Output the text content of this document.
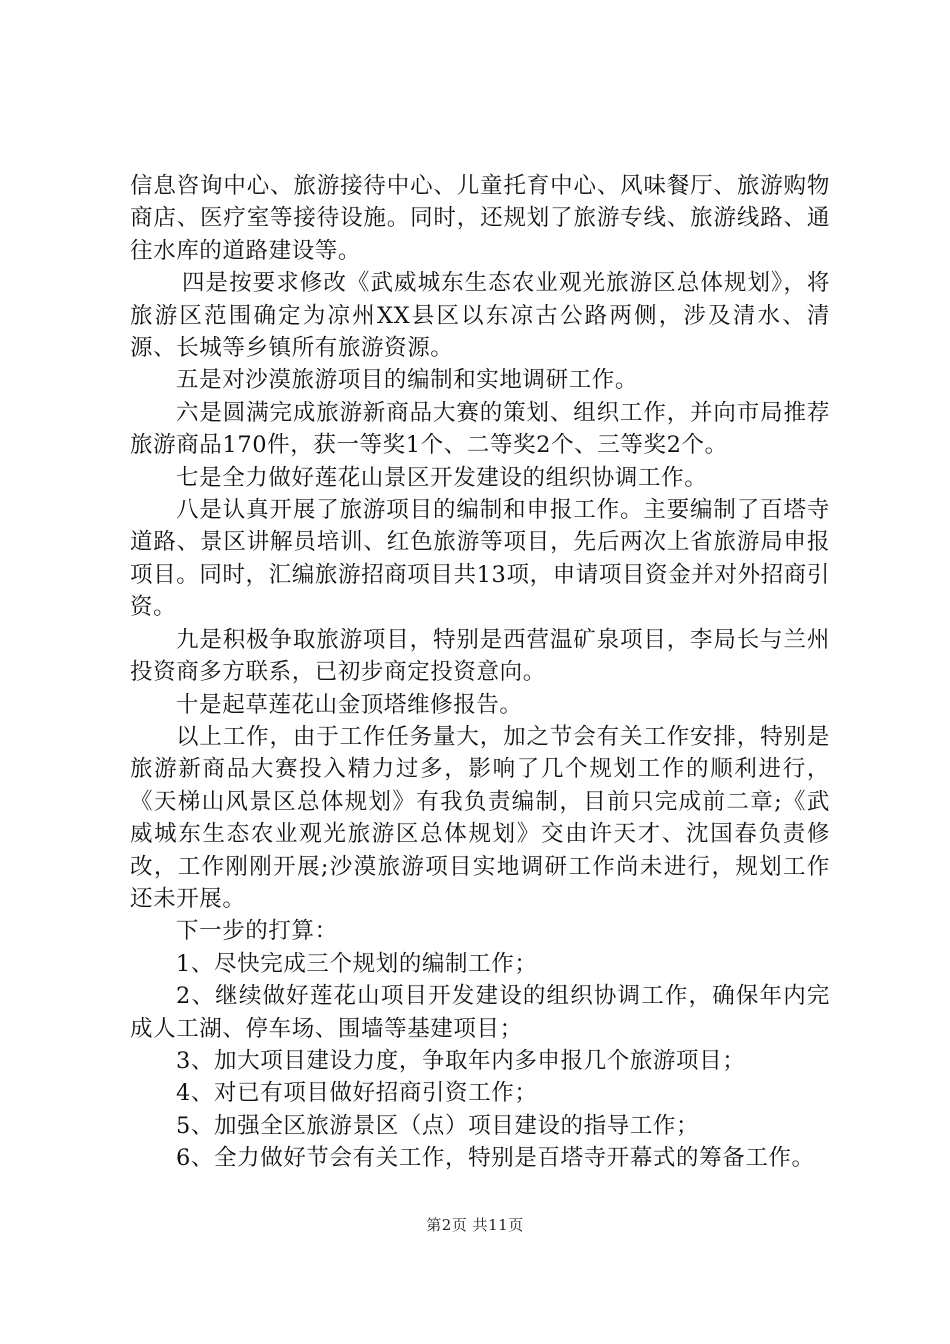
信息咨询中心、旅游接待中心、儿童托育中心、风味餐厅、旅游购物商店、医疗室等接待设施。同时，还规划了旅游专线、旅游线路、通往水库的道路建设等。

四是按要求修改《武威城东生态农业观光旅游区总体规划》，将旅游区范围确定为凉州XX县区以东凉古公路两侧，涉及清水、清源、长城等乡镇所有旅游资源。

五是对沙漠旅游项目的编制和实地调研工作。

六是圆满完成旅游新商品大赛的策划、组织工作，并向市局推荐旅游商品170件，获一等奖1个、二等奖2个、三等奖2个。

七是全力做好莲花山景区开发建设的组织协调工作。

八是认真开展了旅游项目的编制和申报工作。主要编制了百塔寺道路、景区讲解员培训、红色旅游等项目，先后两次上省旅游局申报项目。同时，汇编旅游招商项目共13项，申请项目资金并对外招商引资。

九是积极争取旅游项目，特别是西营温矿泉项目，李局长与兰州投资商多方联系，已初步商定投资意向。

十是起草莲花山金顶塔维修报告。

以上工作，由于工作任务量大，加之节会有关工作安排，特别是旅游新商品大赛投入精力过多，影响了几个规划工作的顺利进行，《天梯山风景区总体规划》有我负责编制，目前只完成前二章;《武威城东生态农业观光旅游区总体规划》交由许天才、沈国春负责修改，工作刚刚开展;沙漠旅游项目实地调研工作尚未进行，规划工作还未开展。

下一步的打算：

1、尽快完成三个规划的编制工作；

2、继续做好莲花山项目开发建设的组织协调工作，确保年内完成人工湖、停车场、围墙等基建项目；

3、加大项目建设力度，争取年内多申报几个旅游项目；

4、对已有项目做好招商引资工作；

5、加强全区旅游景区（点）项目建设的指导工作；

6、全力做好节会有关工作，特别是百塔寺开幕式的筹备工作。

第2页 共11页
